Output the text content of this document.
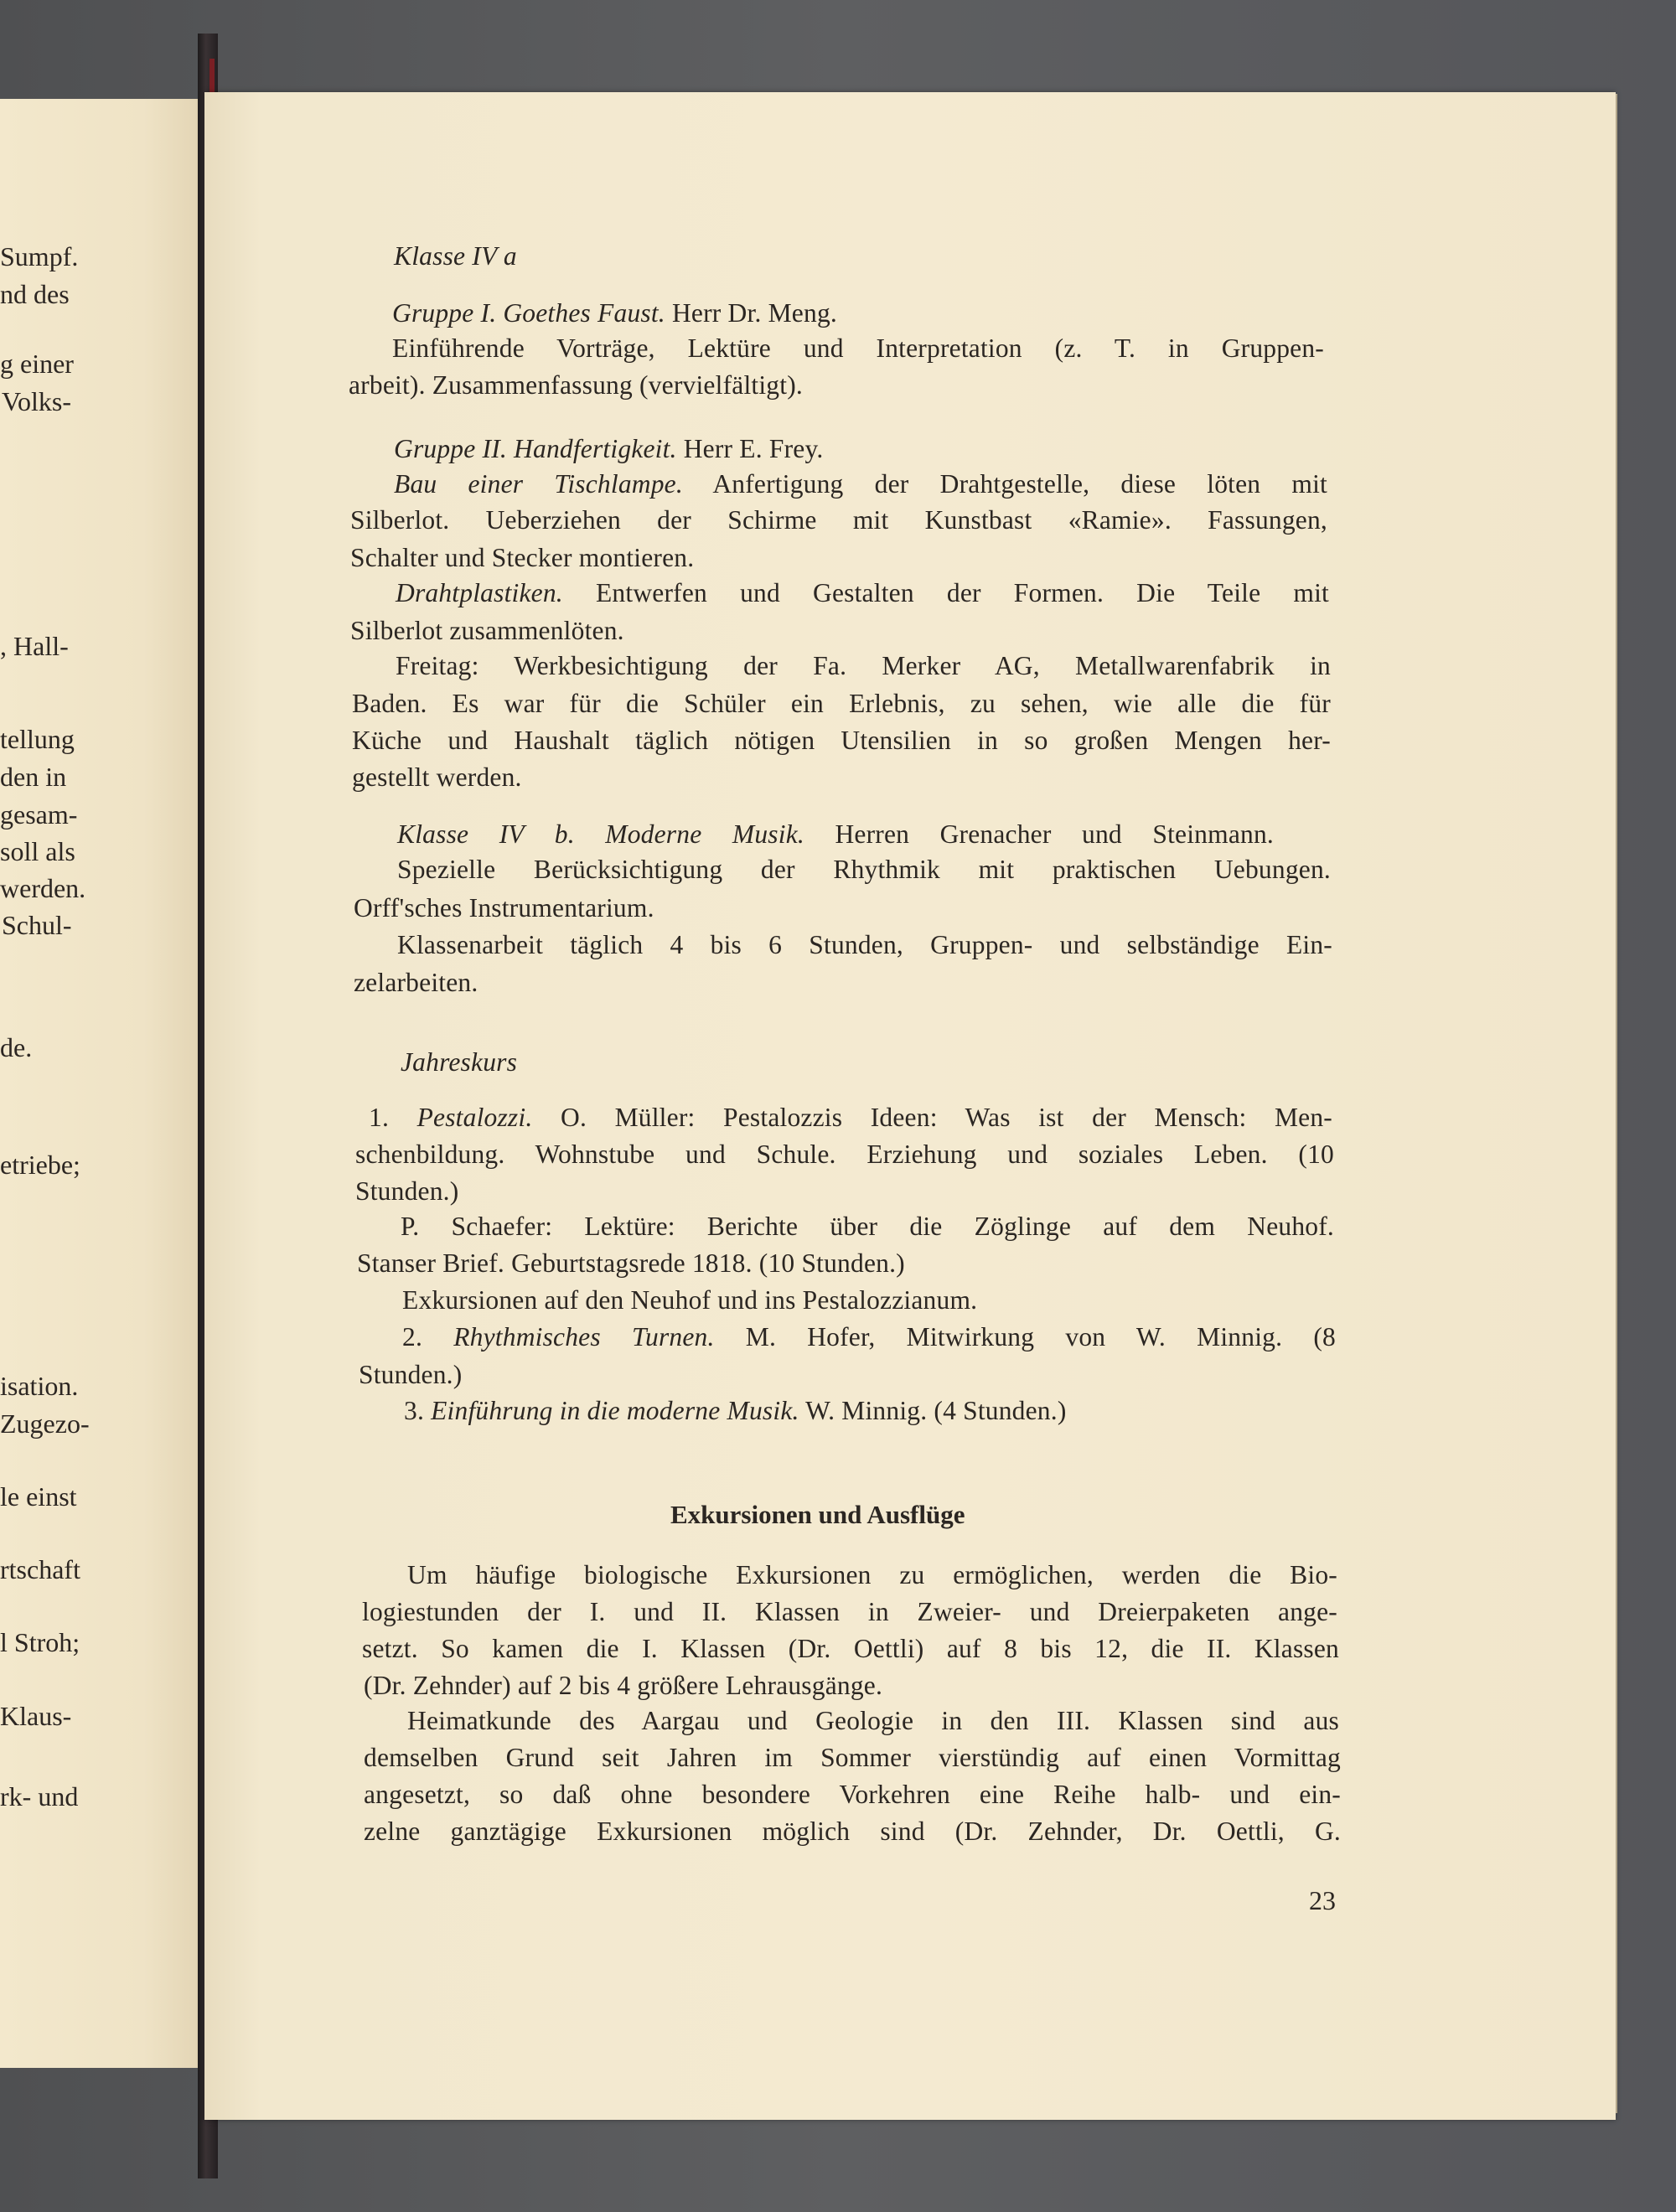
Sumpf.
nd des
g einer
Volks-
, Hall-
tellung
den in
gesam-
soll als
werden.
Schul-
de.
etriebe;
isation.
Zugezo-
le einst
rtschaft
l Stroh;
Klaus-
rk- und
Klasse IV a
Gruppe I. Goethes Faust. Herr Dr. Meng.
Einführende Vorträge, Lektüre und Interpretation (z. T. in Gruppen-
arbeit). Zusammenfassung (vervielfältigt).
Gruppe II. Handfertigkeit. Herr E. Frey.
Bau einer Tischlampe. Anfertigung der Drahtgestelle, diese löten mit
Silberlot. Ueberziehen der Schirme mit Kunstbast «Ramie». Fassungen,
Schalter und Stecker montieren.
Drahtplastiken. Entwerfen und Gestalten der Formen. Die Teile mit
Silberlot zusammenlöten.
Freitag: Werkbesichtigung der Fa. Merker AG, Metallwarenfabrik in
Baden. Es war für die Schüler ein Erlebnis, zu sehen, wie alle die für
Küche und Haushalt täglich nötigen Utensilien in so großen Mengen her-
gestellt werden.
Klasse IV b. Moderne Musik. Herren Grenacher und Steinmann.
Spezielle Berücksichtigung der Rhythmik mit praktischen Uebungen.
Orff'sches Instrumentarium.
Klassenarbeit täglich 4 bis 6 Stunden, Gruppen- und selbständige Ein-
zelarbeiten.
Jahreskurs
1. Pestalozzi. O. Müller: Pestalozzis Ideen: Was ist der Mensch: Men-
schenbildung. Wohnstube und Schule. Erziehung und soziales Leben. (10
Stunden.)
P. Schaefer: Lektüre: Berichte über die Zöglinge auf dem Neuhof.
Stanser Brief. Geburtstagsrede 1818. (10 Stunden.)
Exkursionen auf den Neuhof und ins Pestalozzianum.
2. Rhythmisches Turnen. M. Hofer, Mitwirkung von W. Minnig. (8
Stunden.)
3. Einführung in die moderne Musik. W. Minnig. (4 Stunden.)
Exkursionen und Ausflüge
Um häufige biologische Exkursionen zu ermöglichen, werden die Bio-
logiestunden der I. und II. Klassen in Zweier- und Dreierpaketen ange-
setzt. So kamen die I. Klassen (Dr. Oettli) auf 8 bis 12, die II. Klassen
(Dr. Zehnder) auf 2 bis 4 größere Lehrausgänge.
Heimatkunde des Aargau und Geologie in den III. Klassen sind aus
demselben Grund seit Jahren im Sommer vierstündig auf einen Vormittag
angesetzt, so daß ohne besondere Vorkehren eine Reihe halb- und ein-
zelne ganztägige Exkursionen möglich sind (Dr. Zehnder, Dr. Oettli, G.
23
